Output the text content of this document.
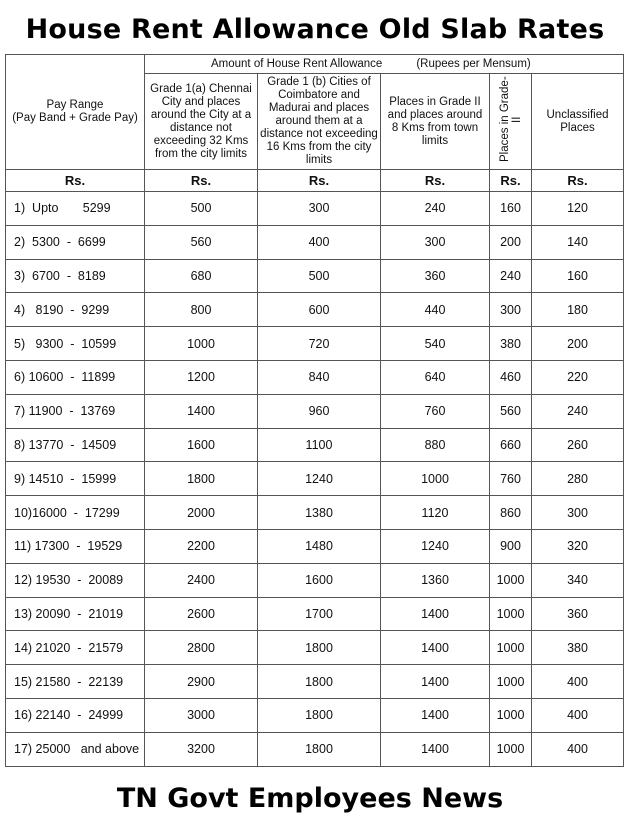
House Rent Allowance Old Slab Rates
Pay Range
(Pay Band + Grade Pay)	Amount of House Rent Allowance (Rupees per Mensum)				
	Grade 1(a) Chennai City and places around the City at a distance not exceeding 32 Kms from the city limits	Grade 1 (b) Cities of Coimbatore and Madurai and places around them at a distance not exceeding 16 Kms from the city limits	Places in Grade II and places around 8 Kms from town limits	Places in Grade-II	Unclassified Places
Rs.	Rs.	Rs.	Rs.	Rs.	Rs.
1)  Upto       5299	500	300	240	160	120
2)  5300  -  6699	560	400	300	200	140
3)  6700  -  8189	680	500	360	240	160
4)   8190  -  9299	800	600	440	300	180
5)   9300  -  10599	1000	720	540	380	200
6) 10600  -  11899	1200	840	640	460	220
7) 11900  -  13769	1400	960	760	560	240
8) 13770  -  14509	1600	1100	880	660	260
9) 14510  -  15999	1800	1240	1000	760	280
10)16000  -  17299	2000	1380	1120	860	300
11) 17300  -  19529	2200	1480	1240	900	320
12) 19530  -  20089	2400	1600	1360	1000	340
13) 20090  -  21019	2600	1700	1400	1000	360
14) 21020  -  21579	2800	1800	1400	1000	380
15) 21580  -  22139	2900	1800	1400	1000	400
16) 22140  -  24999	3000	1800	1400	1000	400
17) 25000   and above	3200	1800	1400	1000	400
TN Govt Employees News
